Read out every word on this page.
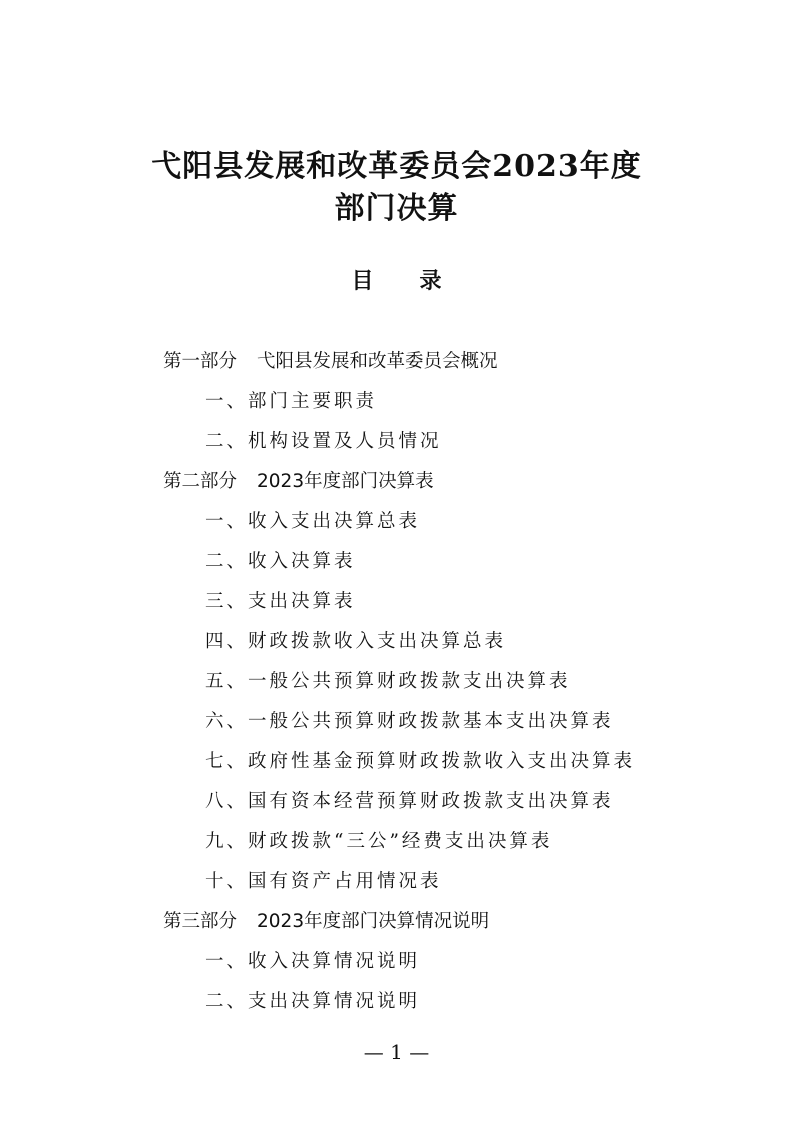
弋阳县发展和改革委员会2023年度
部门决算
目 录
第一部分 弋阳县发展和改革委员会概况
一、部门主要职责
二、机构设置及人员情况
第二部分 2023年度部门决算表
一、收入支出决算总表
二、收入决算表
三、支出决算表
四、财政拨款收入支出决算总表
五、一般公共预算财政拨款支出决算表
六、一般公共预算财政拨款基本支出决算表
七、政府性基金预算财政拨款收入支出决算表
八、国有资本经营预算财政拨款支出决算表
九、财政拨款“三公”经费支出决算表
十、国有资产占用情况表
第三部分 2023年度部门决算情况说明
一、收入决算情况说明
二、支出决算情况说明
— 1 —
